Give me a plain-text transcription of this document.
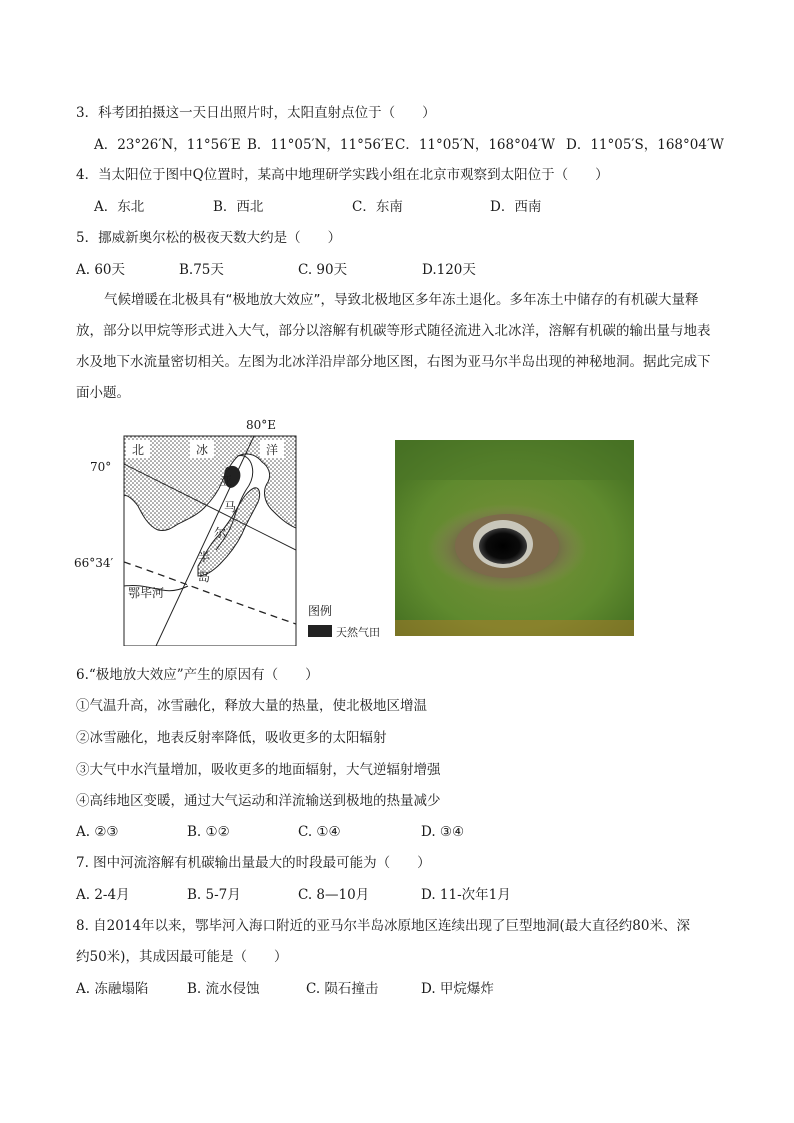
3．科考团拍摄这一天日出照片时，太阳直射点位于（　　）
A．23°26′N，11°56′E B．11°05′N，11°56′E C．11°05′N，168°04′W D．11°05′S，168°04′W
4．当太阳位于图中Q位置时，某高中地理研学实践小组在北京市观察到太阳位于（　　）
A．东北	B．西北	C．东南	D．西南
5．挪威新奥尔松的极夜天数大约是（　　）
A. 60天	B.75天	C. 90天	D.120天
气候增暖在北极具有“极地放大效应”，导致北极地区多年冻土退化。多年冻土中储存的有机碳大量释放，部分以甲烷等形式进入大气，部分以溶解有机碳等形式随径流进入北冰洋，溶解有机碳的输出量与地表水及地下水流量密切相关。左图为北冰洋沿岸部分地区图，右图为亚马尔半岛出现的神秘地洞。据此完成下面小题。
80°E
70°
66°34′
北	冰	洋
亚
马
尔
半
岛
鄂毕河
图例
天然气田
6.“极地放大效应”产生的原因有（　　）
①气温升高，冰雪融化，释放大量的热量，使北极地区增温
②冰雪融化，地表反射率降低，吸收更多的太阳辐射
③大气中水汽量增加，吸收更多的地面辐射，大气逆辐射增强
④高纬地区变暖，通过大气运动和洋流输送到极地的热量减少
A. ②③	B. ①②	C. ①④	D. ③④
7. 图中河流溶解有机碳输出量最大的时段最可能为（　　）
A. 2-4月	B. 5-7月	C. 8—10月	D. 11-次年1月
8. 自2014年以来，鄂毕河入海口附近的亚马尔半岛冰原地区连续出现了巨型地洞(最大直径约80米、深
约50米)，其成因最可能是（　　）
A. 冻融塌陷	B. 流水侵蚀	C. 陨石撞击	D. 甲烷爆炸
